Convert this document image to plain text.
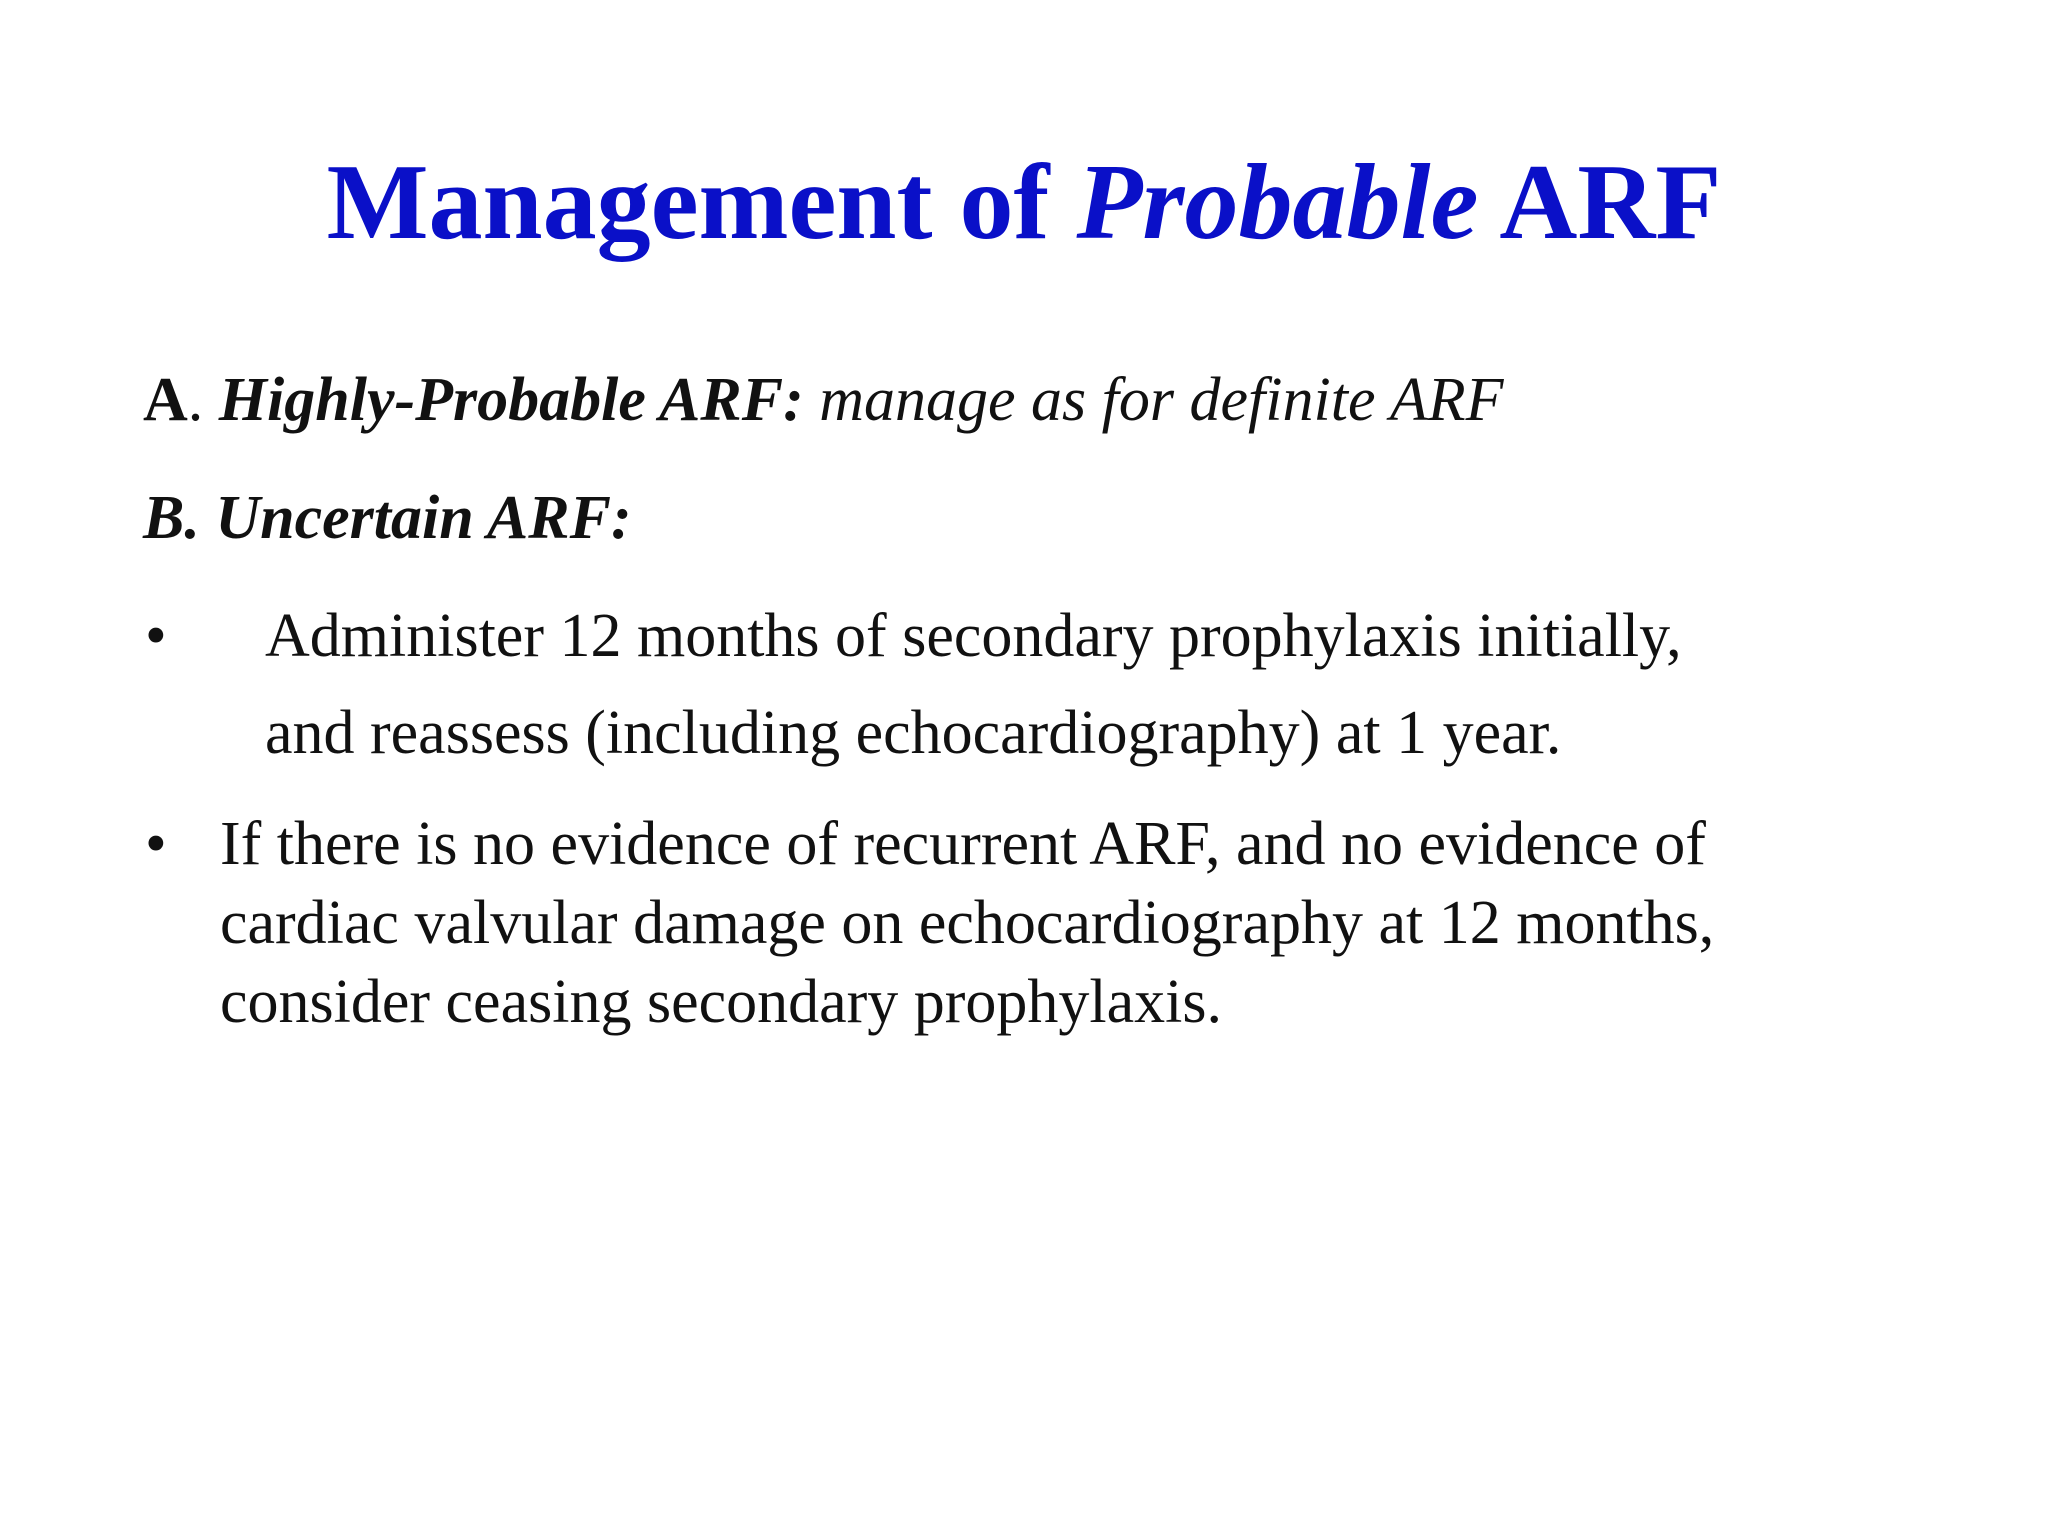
Management of Probable ARF
A. Highly-Probable ARF: manage as for definite ARF
B. Uncertain ARF:
• Administer 12 months of secondary prophylaxis initially,
and reassess (including echocardiography) at 1 year.
• If there is no evidence of recurrent ARF, and no evidence of
cardiac valvular damage on echocardiography at 12 months,
consider ceasing secondary prophylaxis.
